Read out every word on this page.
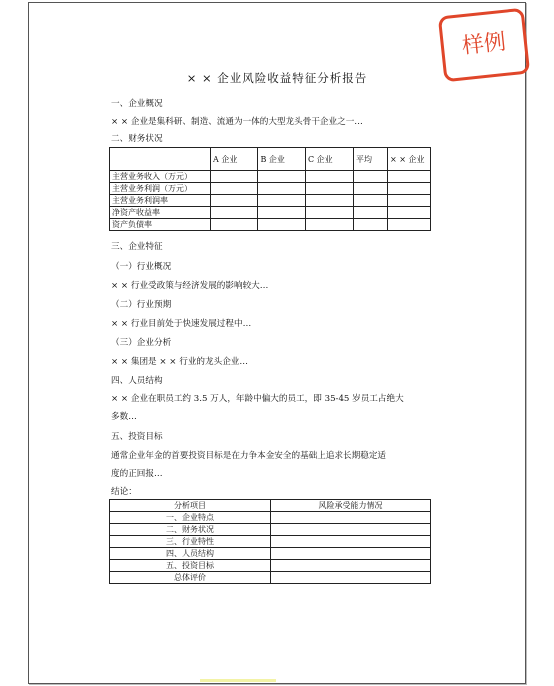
样例
× × 企业风险收益特征分析报告
一、企业概况
× × 企业是集科研、制造、流通为一体的大型龙头骨干企业之一…
二、财务状况
	A 企业	B 企业	C 企业	平均	× × 企业
主营业务收入（万元）					
主营业务利润（万元）					
主营业务利润率					
净资产收益率					
资产负债率					
三、企业特征
（一）行业概况
× × 行业受政策与经济发展的影响较大…
（二）行业预期
× × 行业目前处于快速发展过程中…
（三）企业分析
× × 集团是 × × 行业的龙头企业…
四、人员结构
× × 企业在职员工约 3.5 万人，年龄中偏大的员工，即 35-45 岁员工占绝大
多数…
五、投资目标
通常企业年金的首要投资目标是在力争本金安全的基础上追求长期稳定适
度的正回报…
结论：
分析项目	风险承受能力情况
一、企业特点	
二、财务状况	
三、行业特性	
四、人员结构	
五、投资目标	
总体评价	
